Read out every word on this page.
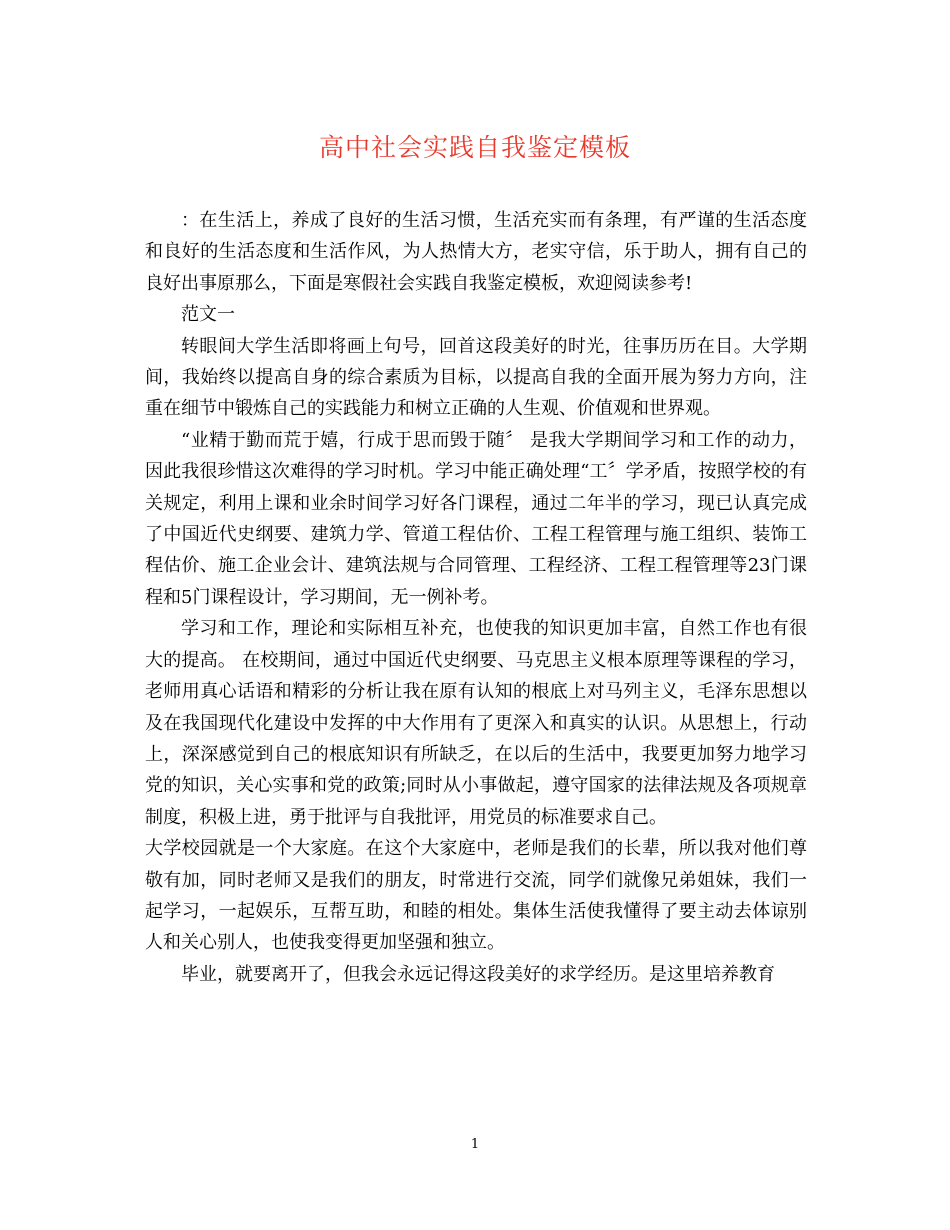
高中社会实践自我鉴定模板

：在生活上，养成了良好的生活习惯，生活充实而有条理，有严谨的生活态度和良好的生活态度和生活作风，为人热情大方，老实守信，乐于助人，拥有自己的良好出事原那么，下面是寒假社会实践自我鉴定模板，欢迎阅读参考!

范文一

转眼间大学生活即将画上句号，回首这段美好的时光，往事历历在目。大学期间，我始终以提高自身的综合素质为目标，以提高自我的全面开展为努力方向，注重在细节中锻炼自己的实践能力和树立正确的人生观、价值观和世界观。

“业精于勤而荒于嬉，行成于思而毁于随〞 是我大学期间学习和工作的动力，因此我很珍惜这次难得的学习时机。学习中能正确处理“工〞学矛盾，按照学校的有关规定，利用上课和业余时间学习好各门课程，通过二年半的学习，现已认真完成了中国近代史纲要、建筑力学、管道工程估价、工程工程管理与施工组织、装饰工程估价、施工企业会计、建筑法规与合同管理、工程经济、工程工程管理等23门课程和5门课程设计，学习期间，无一例补考。

学习和工作，理论和实际相互补充，也使我的知识更加丰富，自然工作也有很大的提高。 在校期间，通过中国近代史纲要、马克思主义根本原理等课程的学习，老师用真心话语和精彩的分析让我在原有认知的根底上对马列主义，毛泽东思想以及在我国现代化建设中发挥的中大作用有了更深入和真实的认识。从思想上，行动上，深深感觉到自己的根底知识有所缺乏，在以后的生活中，我要更加努力地学习党的知识，关心实事和党的政策;同时从小事做起，遵守国家的法律法规及各项规章制度，积极上进，勇于批评与自我批评，用党员的标准要求自己。

大学校园就是一个大家庭。在这个大家庭中，老师是我们的长辈，所以我对他们尊敬有加，同时老师又是我们的朋友，时常进行交流，同学们就像兄弟姐妹，我们一起学习，一起娱乐，互帮互助，和睦的相处。集体生活使我懂得了要主动去体谅别人和关心别人，也使我变得更加坚强和独立。

毕业，就要离开了，但我会永远记得这段美好的求学经历。是这里培养教育

1
